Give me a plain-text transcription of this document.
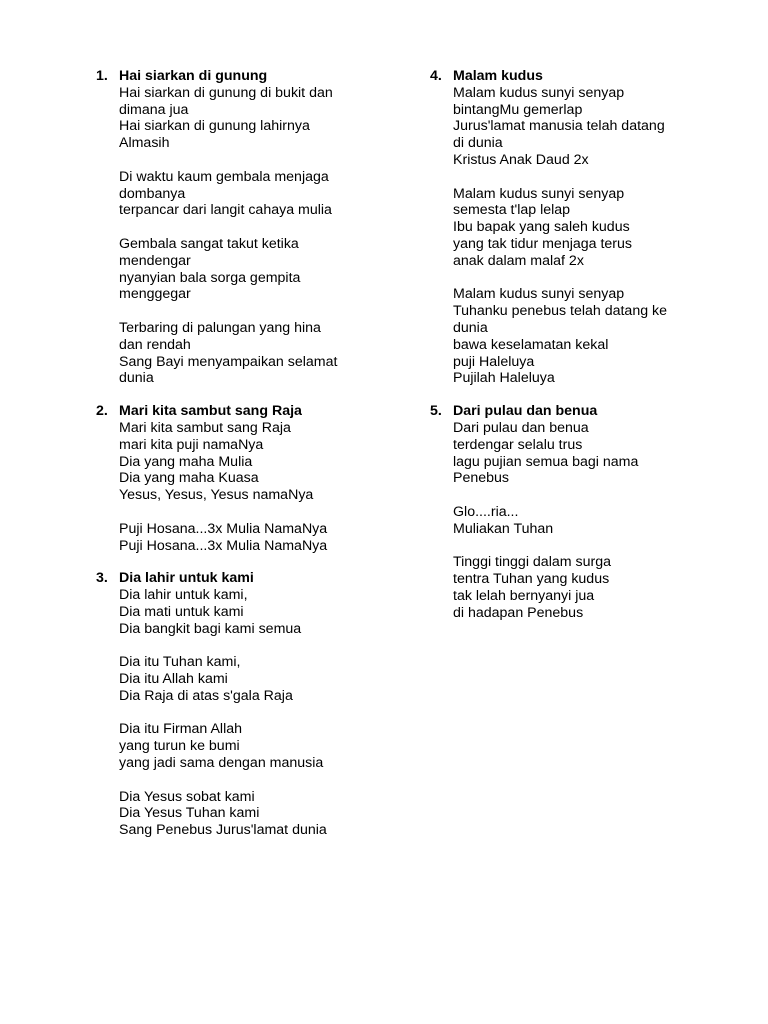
1. Hai siarkan di gunung
Hai siarkan di gunung di bukit dan
dimana jua
Hai siarkan di gunung lahirnya
Almasih
Di waktu kaum gembala menjaga
dombanya
terpancar dari langit cahaya mulia
Gembala sangat takut ketika
mendengar
nyanyian bala sorga gempita
menggegar
Terbaring di palungan yang hina
dan rendah
Sang Bayi menyampaikan selamat
dunia
2. Mari kita sambut sang Raja
Mari kita sambut sang Raja
mari kita puji namaNya
Dia yang maha Mulia
Dia yang maha Kuasa
Yesus, Yesus, Yesus namaNya
Puji Hosana...3x Mulia NamaNya
Puji Hosana...3x Mulia NamaNya
3. Dia lahir untuk kami
Dia lahir untuk kami,
Dia mati untuk kami
Dia bangkit bagi kami semua
Dia itu Tuhan kami,
Dia itu Allah kami
Dia Raja di atas s'gala Raja
Dia itu Firman Allah
yang turun ke bumi
yang jadi sama dengan manusia
Dia Yesus sobat kami
Dia Yesus Tuhan kami
Sang Penebus Jurus'lamat dunia
4. Malam kudus
Malam kudus sunyi senyap
bintangMu gemerlap
Jurus'lamat manusia telah datang
di dunia
Kristus Anak Daud 2x
Malam kudus sunyi senyap
semesta t'lap lelap
Ibu bapak yang saleh kudus
yang tak tidur menjaga terus
anak dalam malaf 2x
Malam kudus sunyi senyap
Tuhanku penebus telah datang ke
dunia
bawa keselamatan kekal
puji Haleluya
Pujilah Haleluya
5. Dari pulau dan benua
Dari pulau dan benua
terdengar selalu trus
lagu pujian semua bagi nama
Penebus
Glo....ria...
Muliakan Tuhan
Tinggi tinggi dalam surga
tentra Tuhan yang kudus
tak lelah bernyanyi jua
di hadapan Penebus
